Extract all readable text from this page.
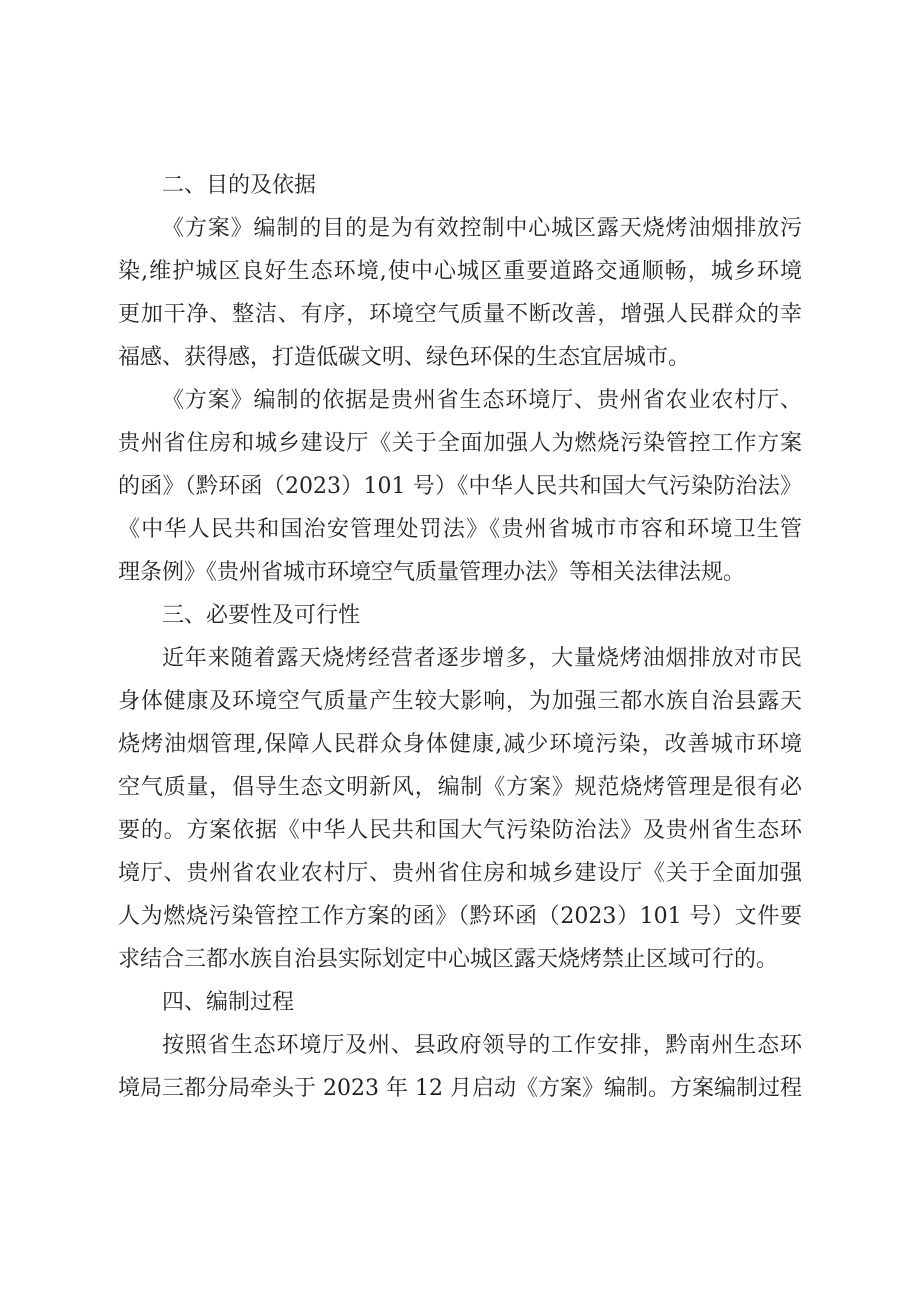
二、目的及依据
《方案》编制的目的是为有效控制中心城区露天烧烤油烟排放污
染,维护城区良好生态环境,使中心城区重要道路交通顺畅，城乡环境
更加干净、整洁、有序，环境空气质量不断改善，增强人民群众的幸
福感、获得感，打造低碳文明、绿色环保的生态宜居城市。
《方案》编制的依据是贵州省生态环境厅、贵州省农业农村厅、
贵州省住房和城乡建设厅《关于全面加强人为燃烧污染管控工作方案
的函》（黔环函（2023）101 号）《中华人民共和国大气污染防治法》
《中华人民共和国治安管理处罚法》《贵州省城市市容和环境卫生管
理条例》《贵州省城市环境空气质量管理办法》等相关法律法规。
三、必要性及可行性
近年来随着露天烧烤经营者逐步增多，大量烧烤油烟排放对市民
身体健康及环境空气质量产生较大影响，为加强三都水族自治县露天
烧烤油烟管理,保障人民群众身体健康,减少环境污染，改善城市环境
空气质量，倡导生态文明新风，编制《方案》规范烧烤管理是很有必
要的。方案依据《中华人民共和国大气污染防治法》及贵州省生态环
境厅、贵州省农业农村厅、贵州省住房和城乡建设厅《关于全面加强
人为燃烧污染管控工作方案的函》（黔环函（2023）101 号）文件要
求结合三都水族自治县实际划定中心城区露天烧烤禁止区域可行的。
四、编制过程
按照省生态环境厅及州、县政府领导的工作安排，黔南州生态环
境局三都分局牵头于 2023 年 12 月启动《方案》编制。方案编制过程
